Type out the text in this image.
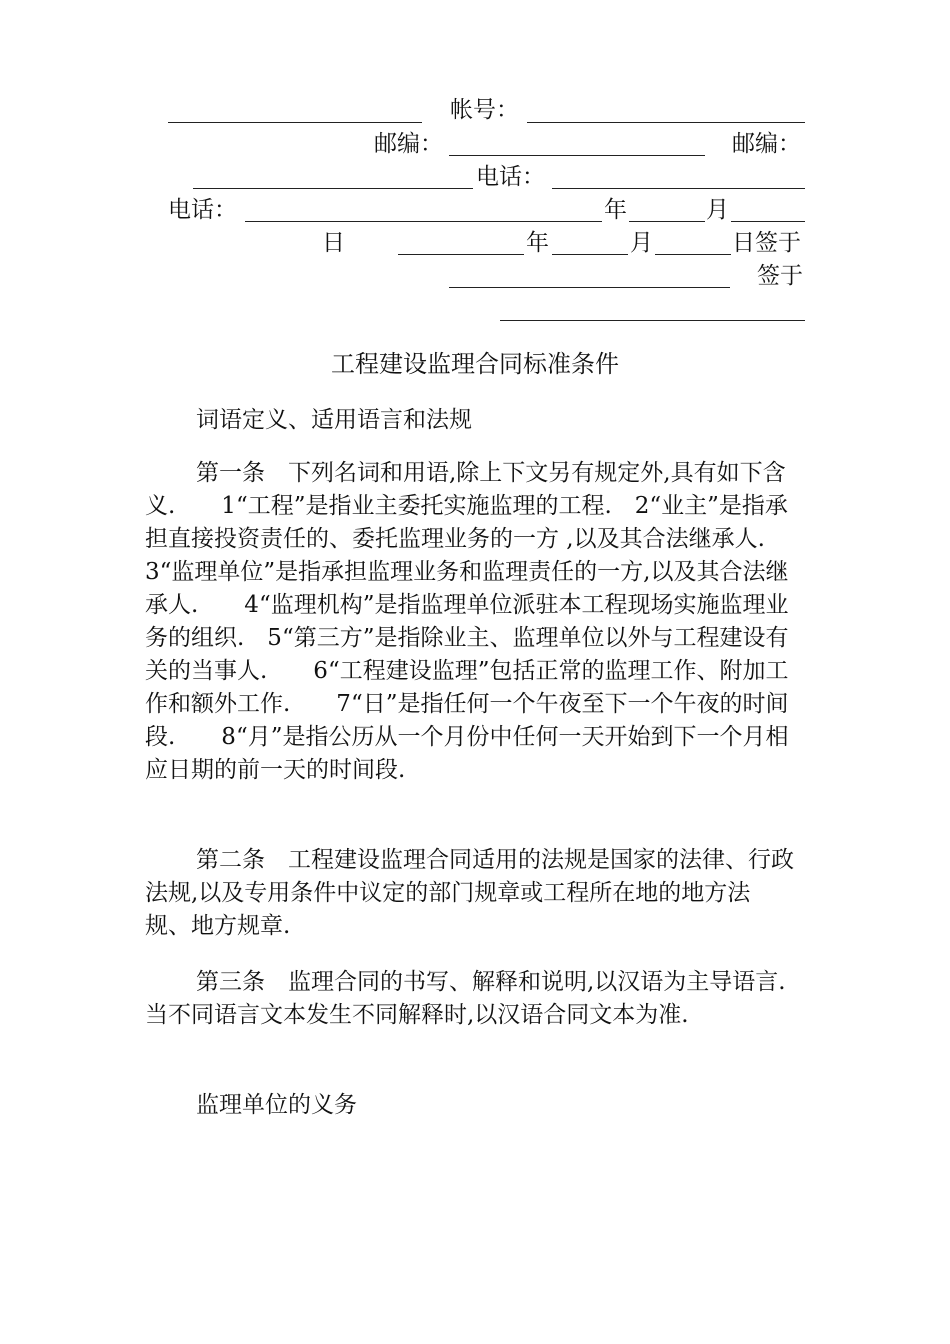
帐号：
邮编：	邮编：
电话：
电话：	年	月
日	年	月	日签于
签于
工程建设监理合同标准条件
词语定义、适用语言和法规

第一条　下列名词和用语,除上下文另有规定外,具有如下含义.　　1“工程”是指业主委托实施监理的工程.　2“业主”是指承担直接投资责任的、委托监理业务的一方 ,以及其合法继承人.　　3“监理单位”是指承担监理业务和监理责任的一方,以及其合法继承人.　　4“监理机构”是指监理单位派驻本工程现场实施监理业务的组织.　5“第三方”是指除业主、监理单位以外与工程建设有关的当事人.　　6“工程建设监理”包括正常的监理工作、附加工作和额外工作.　　7“日”是指任何一个午夜至下一个午夜的时间段.　　8“月”是指公历从一个月份中任何一天开始到下一个月相应日期的前一天的时间段.

第二条　工程建设监理合同适用的法规是国家的法律、行政法规,以及专用条件中议定的部门规章或工程所在地的地方法规、地方规章.

第三条　监理合同的书写、解释和说明,以汉语为主导语言.当不同语言文本发生不同解释时,以汉语合同文本为准.

监理单位的义务
